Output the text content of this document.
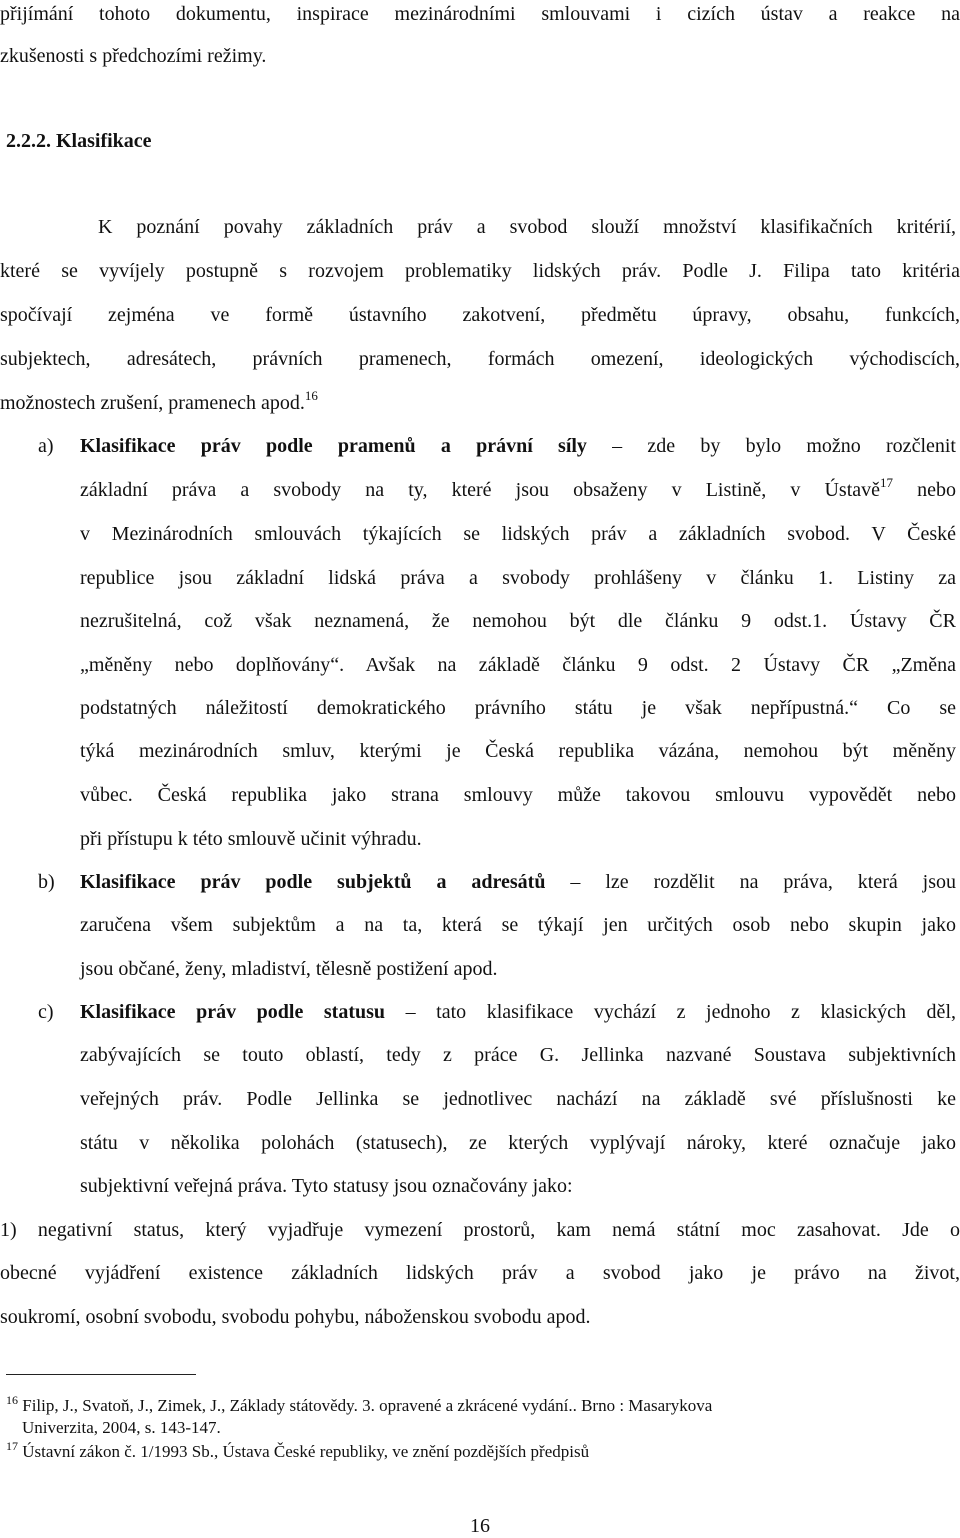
přijímání tohoto dokumentu, inspirace mezinárodními smlouvami i cizích ústav a reakce na
zkušenosti s předchozími režimy.
2.2.2. Klasifikace
K poznání povahy základních práv a svobod slouží množství klasifikačních kritérií,
které se vyvíjely postupně s rozvojem problematiky lidských práv. Podle J. Filipa tato kritéria
spočívají zejména ve formě ústavního zakotvení, předmětu úpravy, obsahu, funkcích,
subjektech, adresátech, právních pramenech, formách omezení, ideologických východiscích,
možnostech zrušení, pramenech apod.$^{16}$
a) Klasifikace práv podle pramenů a právní síly – zde by bylo možno rozčlenit
základní práva a svobody na ty, které jsou obsaženy v Listině, v Ústavě$^{17}$ nebo
v Mezinárodních smlouvách týkajících se lidských práv a základních svobod. V České
republice jsou základní lidská práva a svobody prohlášeny v článku 1. Listiny za
nezrušitelná, což však neznamená, že nemohou být dle článku 9 odst.1. Ústavy ČR
„měněny nebo doplňovány“. Avšak na základě článku 9 odst. 2 Ústavy ČR „Změna
podstatných náležitostí demokratického právního státu je však nepřípustná.“ Co se
týká mezinárodních smluv, kterými je Česká republika vázána, nemohou být měněny
vůbec. Česká republika jako strana smlouvy může takovou smlouvu vypovědět nebo
při přístupu k této smlouvě učinit výhradu.
b) Klasifikace práv podle subjektů a adresátů – lze rozdělit na práva, která jsou
zaručena všem subjektům a na ta, která se týkají jen určitých osob nebo skupin jako
jsou občané, ženy, mladiství, tělesně postižení apod.
c) Klasifikace práv podle statusu – tato klasifikace vychází z jednoho z klasických děl,
zabývajících se touto oblastí, tedy z práce G. Jellinka nazvané Soustava subjektivních
veřejných práv. Podle Jellinka se jednotlivec nachází na základě své příslušnosti ke
státu v několika polohách (statusech), ze kterých vyplývají nároky, které označuje jako
subjektivní veřejná práva. Tyto statusy jsou označovány jako:
1) negativní status, který vyjadřuje vymezení prostorů, kam nemá státní moc zasahovat. Jde o
obecné vyjádření existence základních lidských práv a svobod jako je právo na život,
soukromí, osobní svobodu, svobodu pohybu, náboženskou svobodu apod.
$^{16}$ Filip, J., Svatoň, J., Zimek, J., Základy státovědy. 3. opravené a zkrácené vydání.. Brno : Masarykova
Univerzita, 2004, s. 143-147.
$^{17}$ Ústavní zákon č. 1/1993 Sb., Ústava České republiky, ve znění pozdějších předpisů
16
